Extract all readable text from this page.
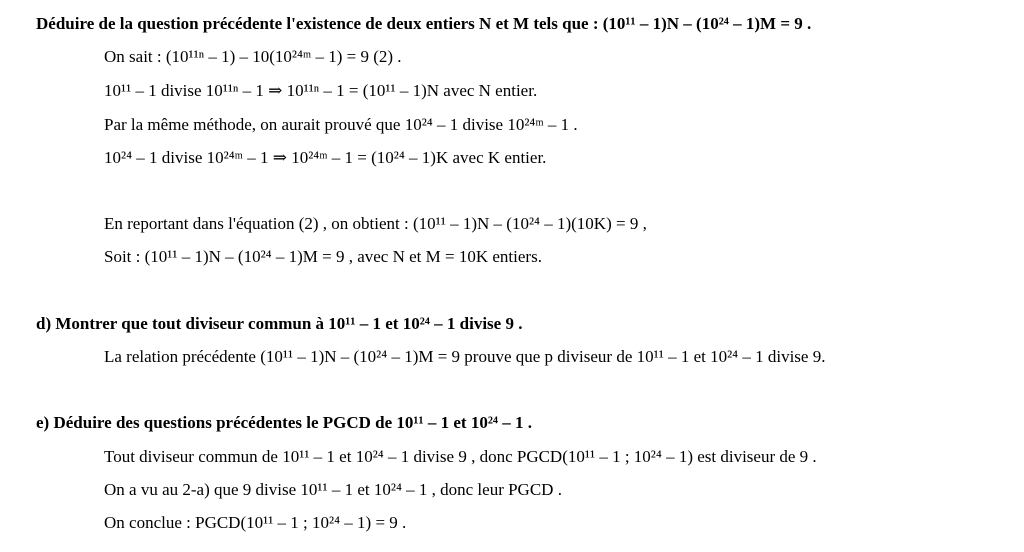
Déduire de la question précédente l'existence de deux entiers N et M tels que : (10¹¹ – 1)N – (10²⁴ – 1)M = 9 .
On sait : (10¹¹ⁿ – 1) – 10(10²⁴ᵐ – 1) = 9 (2) .
10¹¹ – 1 divise 10¹¹ⁿ – 1 ⇒ 10¹¹ⁿ – 1 = (10¹¹ – 1)N avec N entier.
Par la même méthode, on aurait prouvé que 10²⁴ – 1 divise 10²⁴ᵐ – 1 .
10²⁴ – 1 divise 10²⁴ᵐ – 1 ⇒ 10²⁴ᵐ – 1 = (10²⁴ – 1)K avec K entier.
En reportant dans l'équation (2) , on obtient : (10¹¹ – 1)N – (10²⁴ – 1)(10K) = 9 ,
Soit : (10¹¹ – 1)N – (10²⁴ – 1)M = 9 , avec N et M = 10K entiers.
d) Montrer que tout diviseur commun à 10¹¹ – 1 et 10²⁴ – 1 divise 9 .
La relation précédente (10¹¹ – 1)N – (10²⁴ – 1)M = 9 prouve que p diviseur de 10¹¹ – 1 et 10²⁴ – 1 divise 9.
e) Déduire des questions précédentes le PGCD de 10¹¹ – 1 et 10²⁴ – 1 .
Tout diviseur commun de 10¹¹ – 1 et 10²⁴ – 1 divise 9 , donc PGCD(10¹¹ – 1 ; 10²⁴ – 1) est diviseur de 9 .
On a vu au 2-a) que 9 divise 10¹¹ – 1 et 10²⁴ – 1 , donc leur PGCD .
On conclue : PGCD(10¹¹ – 1 ; 10²⁴ – 1) = 9 .
